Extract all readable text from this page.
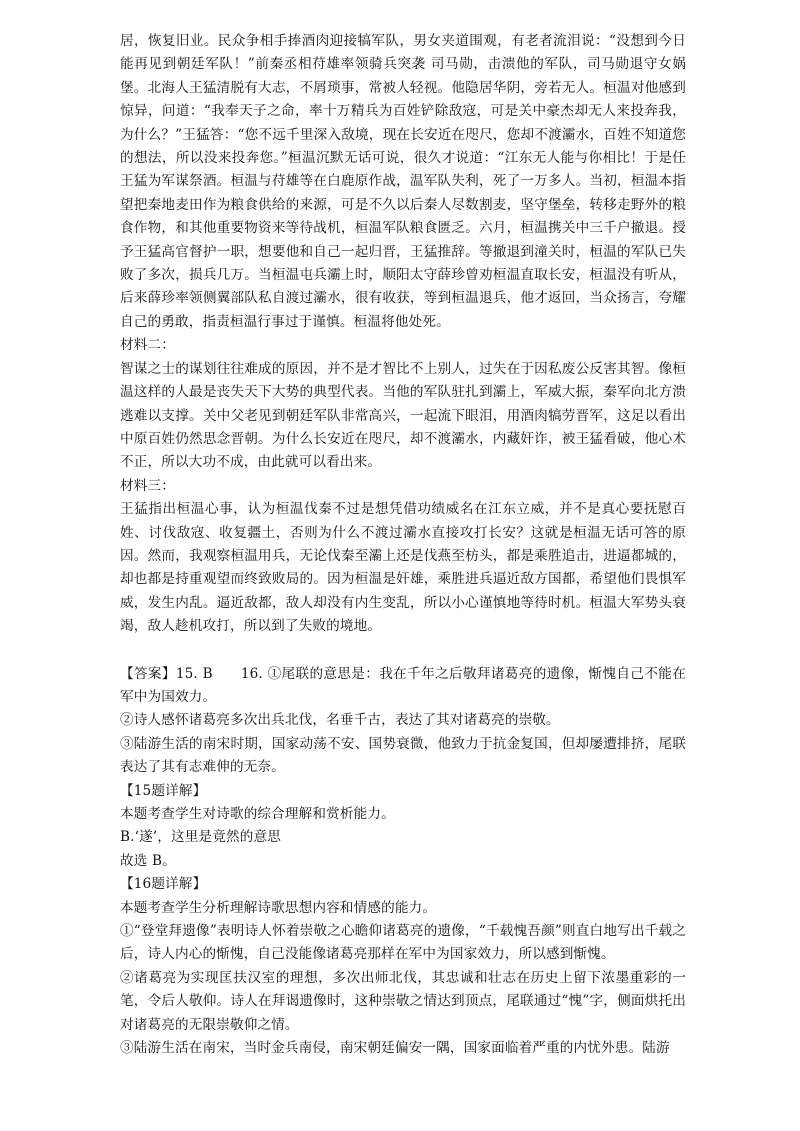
居，恢复旧业。民众争相手捧酒肉迎接犒军队，男女夹道围观，有老者流泪说：“没想到今日能再见到朝廷军队！”前秦丞相苻雄率领骑兵突袭 司马勋，击溃他的军队，司马勋退守女娲堡。北海人王猛清脱有大志，不屑琐事，常被人轻视。他隐居华阴，旁若无人。桓温对他感到惊异，问道：“我奉天子之命，率十万精兵为百姓铲除敌寇，可是关中豪杰却无人来投奔我，为什么？”王猛答：“您不远千里深入敌境，现在长安近在咫尺，您却不渡灞水，百姓不知道您的想法，所以没来投奔您。”桓温沉默无话可说，很久才说道：“江东无人能与你相比！于是任王猛为军谋祭酒。桓温与苻雄等在白鹿原作战，温军队失利，死了一万多人。当初，桓温本指望把秦地麦田作为粮食供给的来源，可是不久以后秦人尽数割麦，坚守堡垒，转移走野外的粮食作物，和其他重要物资来等待战机，桓温军队粮食匮乏。六月，桓温携关中三千户撤退。授予王猛高官督护一职，想要他和自己一起归晋，王猛推辞。等撤退到潼关时，桓温的军队已失败了多次，损兵几万。当桓温屯兵灞上时，顺阳太守薛珍曾劝桓温直取长安，桓温没有听从，后来薛珍率领侧翼部队私自渡过灞水，很有收获，等到桓温退兵，他才返回，当众扬言，夸耀自己的勇敢，指责桓温行事过于谨慎。桓温将他处死。

材料二：

智谋之士的谋划往往难成的原因，并不是才智比不上别人，过失在于因私废公反害其智。像桓温这样的人最是丧失天下大势的典型代表。当他的军队驻扎到灞上，军威大振，秦军向北方溃逃难以支撑。关中父老见到朝廷军队非常高兴，一起流下眼泪，用酒肉犒劳晋军，这足以看出中原百姓仍然思念晋朝。为什么长安近在咫尺，却不渡灞水，内藏奸诈，被王猛看破，他心术不正，所以大功不成，由此就可以看出来。

材料三：

王猛指出桓温心事，认为桓温伐秦不过是想凭借功绩威名在江东立威，并不是真心要抚慰百姓、讨伐敌寇、收复疆土，否则为什么不渡过灞水直接攻打长安？这就是桓温无话可答的原因。然而，我观察桓温用兵，无论伐秦至灞上还是伐燕至枋头，都是乘胜追击，进逼都城的，却也都是持重观望而终致败局的。因为桓温是奸雄，乘胜进兵逼近敌方国都，希望他们畏惧军威，发生内乱。逼近敌都，敌人却没有内生变乱，所以小心谨慎地等待时机。桓温大军势头衰竭，敌人趁机攻打，所以到了失败的境地。

【答案】15. B　　16. ①尾联的意思是：我在千年之后敬拜诸葛亮的遗像，惭愧自己不能在军中为国效力。

②诗人感怀诸葛亮多次出兵北伐，名垂千古，表达了其对诸葛亮的崇敬。

③陆游生活的南宋时期，国家动荡不安、国势衰微，他致力于抗金复国，但却屡遭排挤，尾联表达了其有志难伸的无奈。

【15题详解】

本题考查学生对诗歌的综合理解和赏析能力。

B.‘遂’，这里是竟然的意思

故选 B。

【16题详解】

本题考查学生分析理解诗歌思想内容和情感的能力。

①“登堂拜遗像”表明诗人怀着崇敬之心瞻仰诸葛亮的遗像，“千载愧吾颜”则直白地写出千载之后，诗人内心的惭愧，自己没能像诸葛亮那样在军中为国家效力，所以感到惭愧。

②诸葛亮为实现匡扶汉室的理想，多次出师北伐，其忠诚和壮志在历史上留下浓墨重彩的一笔，令后人敬仰。诗人在拜谒遗像时，这种崇敬之情达到顶点，尾联通过“愧”字，侧面烘托出对诸葛亮的无限崇敬仰之情。

③陆游生活在南宋，当时金兵南侵，南宋朝廷偏安一隅，国家面临着严重的内忧外患。陆游
